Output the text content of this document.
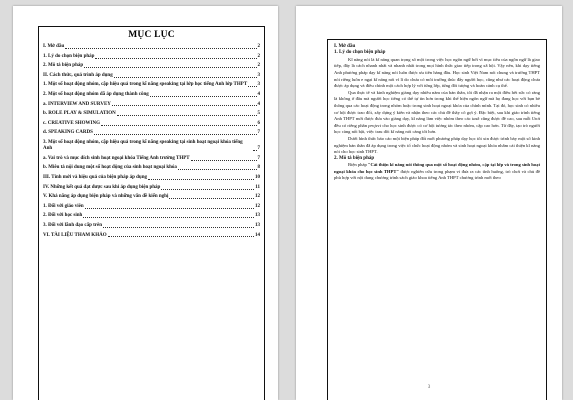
MỤC LỤC
I. Mở đầu	2
1. Lý do chọn biện pháp	2
2. Mô tả biện pháp	2
II. Cách thức, quá trình áp dụng	3
1. Một số hoạt động nhóm, cặp hiệu quả trong kĩ năng speaking tại lớp học tiếng Anh lớp THPT 3
2. Một số hoạt động nhóm đã áp dụng thành công	4
a. INTERVIEW AND SURVEY	4
b. ROLE PLAY & SIMULATION	5
c. CREATIVE SHOWING	6
d. SPEAKING CARDS	7
3. Một số hoạt động nhóm, cặp hiệu quả trong kĩ năng speaking tại sinh hoạt ngoại khóa tiếng Anh	7
a. Vai trò và mục đích sinh hoạt ngoại khóa Tiếng Anh trường THPT	7
b. Miêu tả nội dung một số hoạt động của sinh hoạt ngoại khóa	8
III. Tính mới và hiệu quả của biện pháp áp dụng	10
IV. Những kết quả đạt được sau khi áp dụng biện pháp	11
V. Khả năng áp dụng biện pháp và những vấn đề kiến nghị	12
1. Đối với giáo viên	12
2. Đối với học sinh	13
3. Đối với lãnh đạo cấp trên	13
VI. TÀI LIỆU THAM KHẢO	14

I. Mở đầu

1. Lý do chọn biện pháp

Kĩ năng nói là kĩ năng quan trọng số một trong việc học ngôn ngữ bởi vì mục tiêu của ngôn ngữ là giao tiếp, đây là cách nhanh nhất và nhanh nhất trong mọi hình thức giao tiếp trong xã hội. Vậy nên, khi dạy tiếng Anh phương pháp dạy kĩ năng nói luôn được ưu tiên hàng đầu. Học sinh Việt Nam nói chung và trường THPT nói riêng luôn e ngại kĩ năng nói vì lí do chưa có môi trường thúc đẩy người học, cũng như các hoạt động chưa được áp dụng và điều chỉnh một cách hợp lý với từng lớp, từng đối tượng và hoàn cảnh cụ thể.

Qua thực tế và kinh nghiệm giảng dạy nhiều năm của bản thân, tôi đã nhận ra một điều hết sức có ràng là không ở đâu mà người học tiếng có thể tự tin hơn trong khi thể hiện ngôn ngữ mà họ đang học với bạn bè thông qua các hoạt động trong nhóm hoặc trong sinh hoạt ngoại khóa của chính mình. Tại đó, học sinh có nhiều cơ hội được trao đổi, xây dựng ý kiến và nhận theo các chủ đề thầy cô gợi ý. Đặc biệt, sau khi giáo trình tiếng Anh THPT mới được đưa vào giảng dạy, kĩ năng làm việc nhóm theo các task cũng được đề cao, sau mỗi Unit đều có riêng phần project cho học sinh được có cơ hội tương tác theo nhóm, cặp cao hơn. Từ đây, tạo trò người học càng nổi bật, việc trau dồi kĩ năng nói càng tốt hơn.

Dưới hình thức báo cáo một biện pháp đổi mới phương pháp dạy học tôi xin được trình bày một số kinh nghiệm bản thân đã áp dụng trong việc tổ chức hoạt động nhóm và sinh hoạt ngoại khóa nhằm cải thiện kĩ năng nói cho học sinh THPT.

2. Mô tả biện pháp

Biện pháp "Cải thiện kĩ năng nói thông qua một số hoạt động nhóm, cặp tại lớp và trong sinh hoạt ngoại khóa cho học sinh THPT" được nghiên cứu trong phạm vi đưa ra các tình huống, trò chơi và chủ đề phù hợp với nội dung chương trình sách giáo khoa tiếng Anh THPT chương trình mới theo

3
